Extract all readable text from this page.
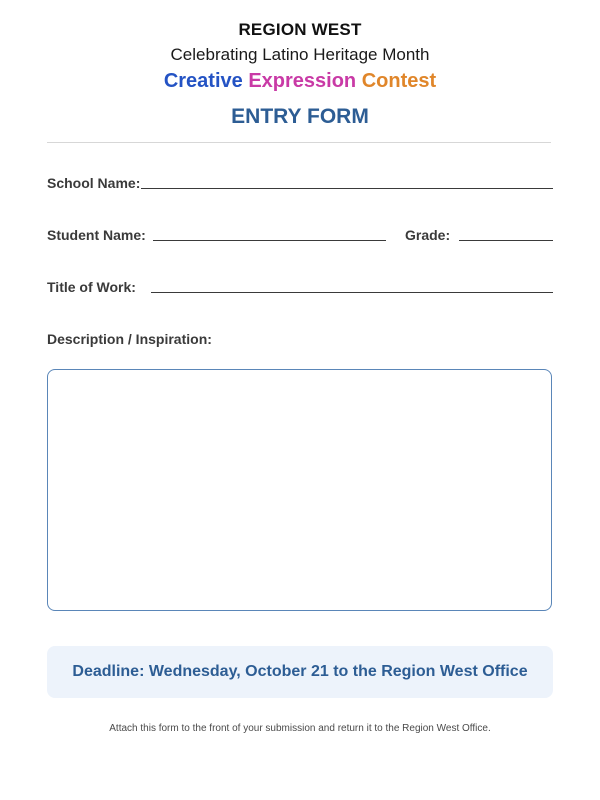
REGION WEST
Celebrating Latino Heritage Month
Creative Expression Contest
ENTRY FORM
School Name:
Student Name:	Grade:
Title of Work:
Description / Inspiration:
Deadline: Wednesday, October 21 to the Region West Office
Attach this form to the front of your submission and return it to the Region West Office.
